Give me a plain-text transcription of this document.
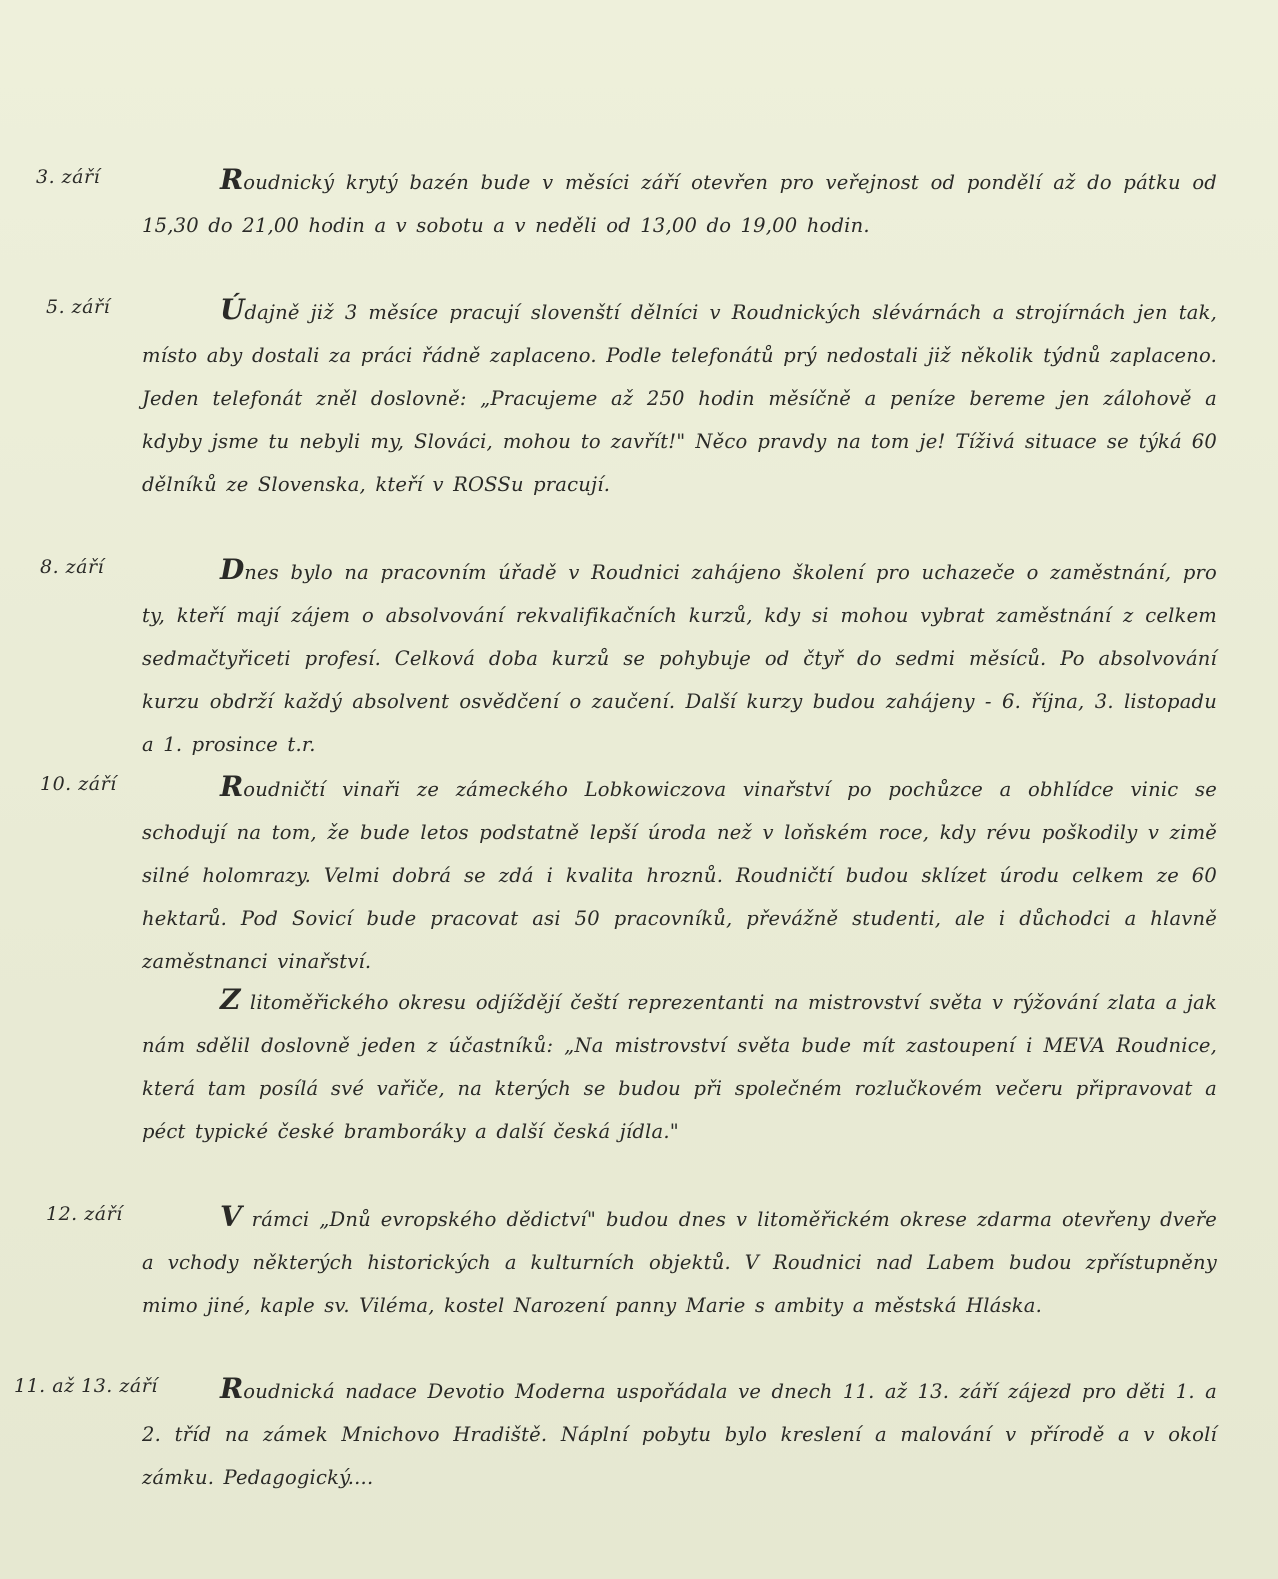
3. září	Roudnický krytý bazén bude v měsíci září otevřen pro veřejnost od pondělí až do pátku od 15,30 do 21,00 hodin a v sobotu a v neděli od 13,00 do 19,00 hodin.

5. září	Údajně již 3 měsíce pracují slovenští dělníci v Roudnických slévárnách a strojírnách jen tak, místo aby dostali za práci řádně zaplaceno. Podle telefonátů prý nedostali již několik týdnů zaplaceno. Jeden telefonát zněl doslovně: „Pracujeme až 250 hodin měsíčně a peníze bereme jen zálohově a kdyby jsme tu nebyli my, Slováci, mohou to zavřít!" Něco pravdy na tom je! Tíživá situace se týká 60 dělníků ze Slovenska, kteří v ROSSu pracují.

8. září	Dnes bylo na pracovním úřadě v Roudnici zahájeno školení pro uchazeče o zaměstnání, pro ty, kteří mají zájem o absolvování rekvalifikačních kurzů, kdy si mohou vybrat zaměstnání z celkem sedmačtyřiceti profesí. Celková doba kurzů se pohybuje od čtyř do sedmi měsíců. Po absolvování kurzu obdrží každý absolvent osvědčení o zaučení. Další kurzy budou zahájeny - 6. října, 3. listopadu a 1. prosince t.r.

10. září	Roudničtí vinaři ze zámeckého Lobkowiczova vinařství po pochůzce a obhlídce vinic se schodují na tom, že bude letos podstatně lepší úroda než v loňském roce, kdy révu poškodily v zimě silné holomrazy. Velmi dobrá se zdá i kvalita hroznů. Roudničtí budou sklízet úrodu celkem ze 60 hektarů. Pod Sovicí bude pracovat asi 50 pracovníků, převážně studenti, ale i důchodci a hlavně zaměstnanci vinařství.

Z litoměřického okresu odjíždějí čeští reprezentanti na mistrovství světa v rýžování zlata a jak nám sdělil doslovně jeden z účastníků: „Na mistrovství světa bude mít zastoupení i MEVA Roudnice, která tam posílá své vařiče, na kterých se budou při společném rozlučkovém večeru připravovat a péct typické české bramboráky a další česká jídla."

12. září	V rámci „Dnů evropského dědictví" budou dnes v litoměřickém okrese zdarma otevřeny dveře a vchody některých historických a kulturních objektů. V Roudnici nad Labem budou zpřístupněny mimo jiné, kaple sv. Viléma, kostel Narození panny Marie s ambity a městská Hláska.

11. až 13. září	Roudnická nadace Devotio Moderna uspořádala ve dnech 11. až 13. září zájezd pro děti 1. a 2. tříd na zámek Mnichovo Hradiště. Náplní pobytu bylo kreslení a malování v přírodě a v okolí zámku. Pedagogický....
